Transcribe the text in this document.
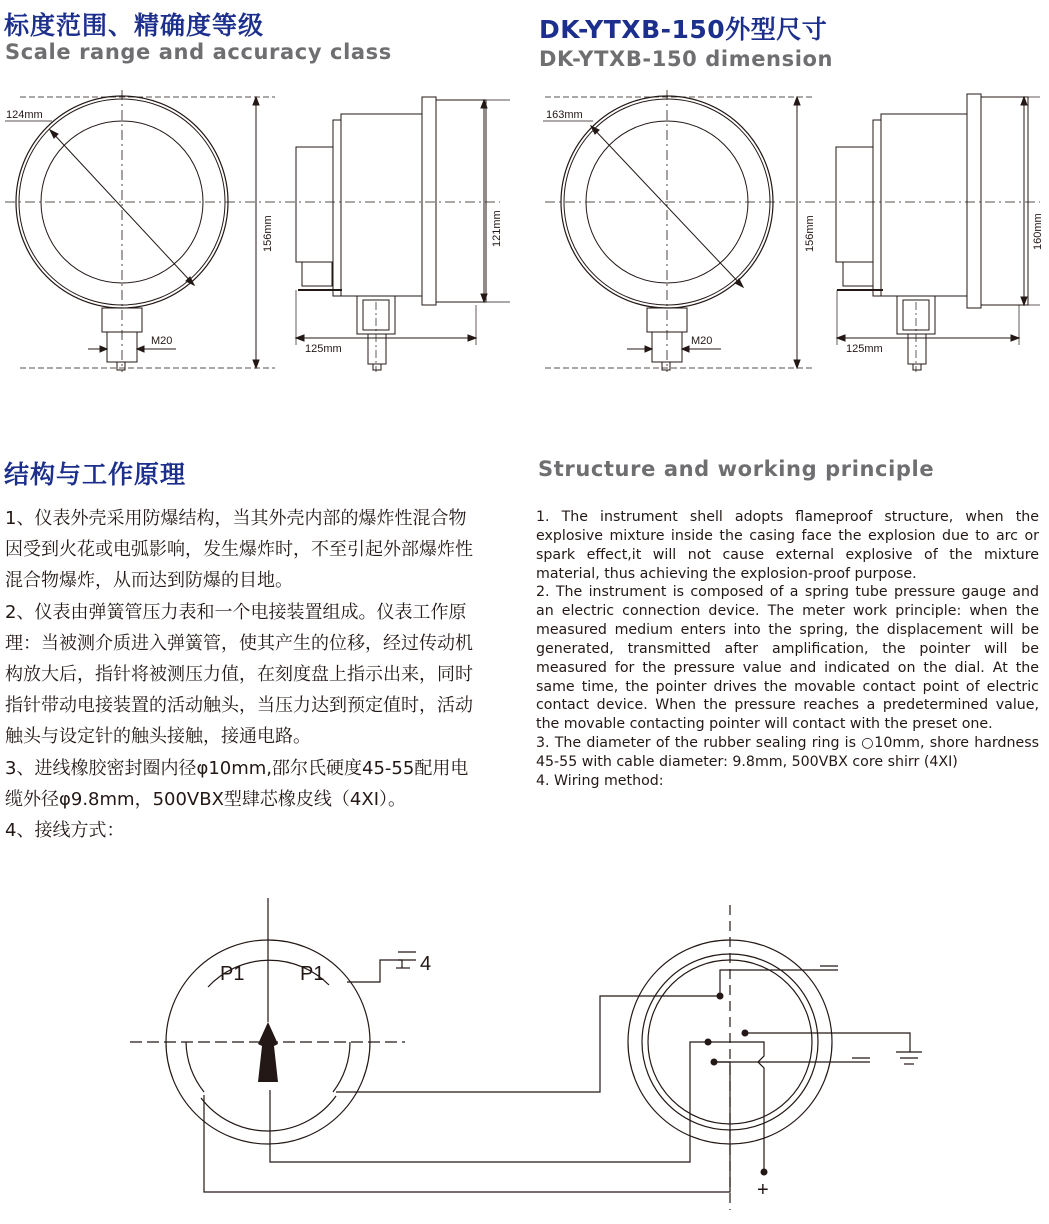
标度范围、精确度等级
Scale range and accuracy class
DK-YTXB-150外型尺寸
DK-YTXB-150 dimension
124mm
M20
156mm	121mm
125mm
163mm
M20
156mm	160mm
125mm
结构与工作原理	Structure and working principle
1、仪表外壳采用防爆结构，当其外壳内部的爆炸性混合物
因受到火花或电弧影响，发生爆炸时，不至引起外部爆炸性
混合物爆炸，从而达到防爆的目地。
2、仪表由弹簧管压力表和一个电接装置组成。仪表工作原
理：当被测介质进入弹簧管，使其产生的位移，经过传动机
构放大后，指针将被测压力值，在刻度盘上指示出来，同时
指针带动电接装置的活动触头，当压力达到预定值时，活动
触头与设定针的触头接触，接通电路。
3、进线橡胶密封圈内径φ10mm,邵尔氏硬度45-55配用电
缆外径φ9.8mm，500VBX型肆芯橡皮线（4XI）。
4、接线方式：

1. The instrument shell adopts flameproof structure, when the explosive mixture inside the casing face the explosion due to arc or spark effect,it will not cause external explosive of the mixture material, thus achieving the explosion-proof purpose.

2. The instrument is composed of a spring tube pressure gauge and an electric connection device. The meter work principle: when the measured medium enters into the spring, the displacement will be generated, transmitted after amplification, the pointer will be measured for the pressure value and indicated on the dial. At the same time, the pointer drives the movable contact point of electric contact device. When the pressure reaches a predetermined value, the movable contacting pointer will contact with the preset one.

3. The diameter of the rubber sealing ring is ○10mm, shore hardness 45-55 with cable diameter: 9.8mm, 500VBX core shirr (4XI)

4. Wiring method:

P1	P1	4
+
